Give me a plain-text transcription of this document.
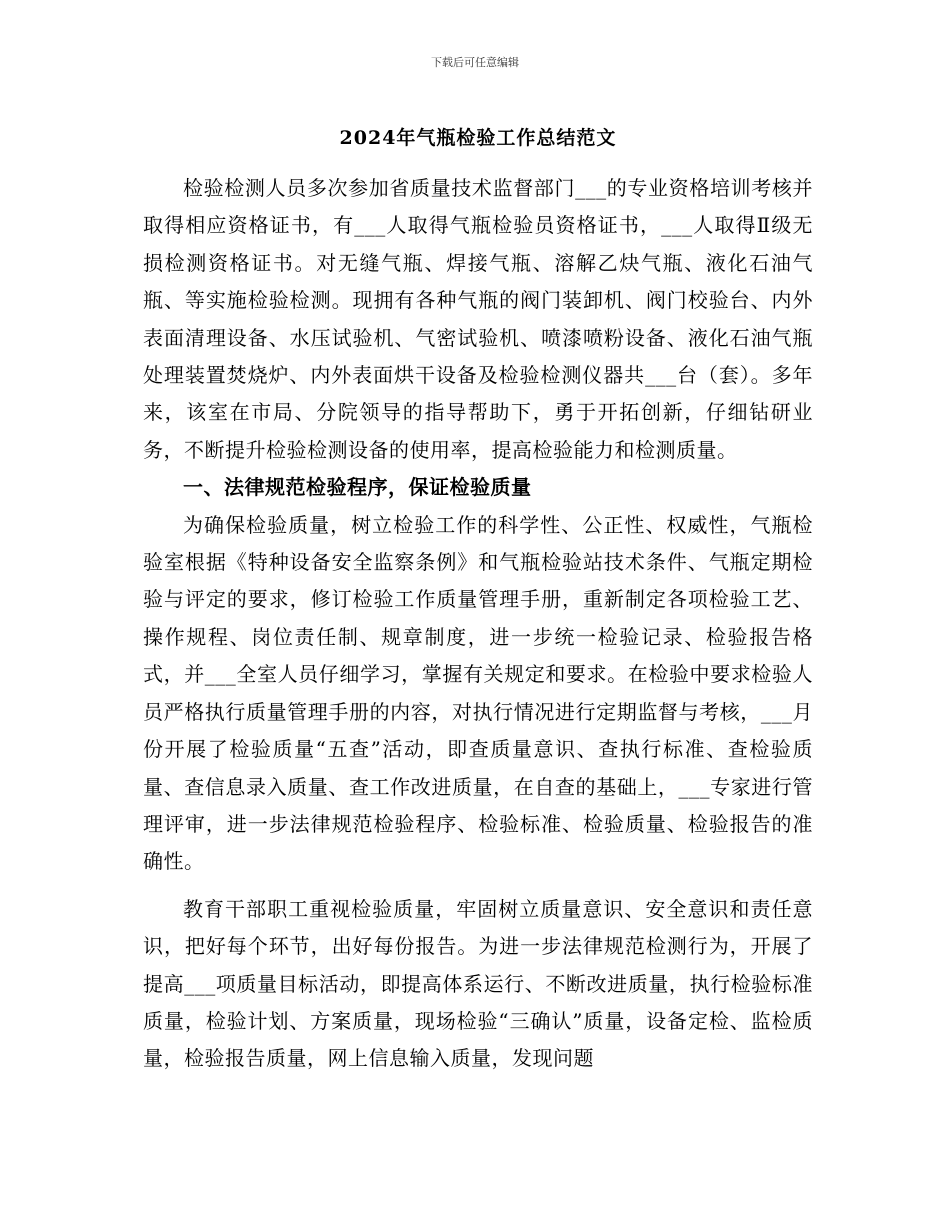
下载后可任意编辑
2024年气瓶检验工作总结范文

检验检测人员多次参加省质量技术监督部门___的专业资格培训考核并取得相应资格证书，有___人取得气瓶检验员资格证书，___人取得Ⅱ级无损检测资格证书。对无缝气瓶、焊接气瓶、溶解乙炔气瓶、液化石油气瓶、等实施检验检测。现拥有各种气瓶的阀门装卸机、阀门校验台、内外表面清理设备、水压试验机、气密试验机、喷漆喷粉设备、液化石油气瓶处理装置焚烧炉、内外表面烘干设备及检验检测仪器共___台（套）。多年来，该室在市局、分院领导的指导帮助下，勇于开拓创新，仔细钻研业务，不断提升检验检测设备的使用率，提高检验能力和检测质量。

一、法律规范检验程序，保证检验质量

为确保检验质量，树立检验工作的科学性、公正性、权威性，气瓶检验室根据《特种设备安全监察条例》和气瓶检验站技术条件、气瓶定期检验与评定的要求，修订检验工作质量管理手册，重新制定各项检验工艺、操作规程、岗位责任制、规章制度，进一步统一检验记录、检验报告格式，并___全室人员仔细学习，掌握有关规定和要求。在检验中要求检验人员严格执行质量管理手册的内容，对执行情况进行定期监督与考核，___月份开展了检验质量“五查”活动，即查质量意识、查执行标准、查检验质量、查信息录入质量、查工作改进质量，在自查的基础上，___专家进行管理评审，进一步法律规范检验程序、检验标准、检验质量、检验报告的准确性。

教育干部职工重视检验质量，牢固树立质量意识、安全意识和责任意识，把好每个环节，出好每份报告。为进一步法律规范检测行为，开展了提高___项质量目标活动，即提高体系运行、不断改进质量，执行检验标准质量，检验计划、方案质量，现场检验“三确认”质量，设备定检、监检质量，检验报告质量，网上信息输入质量，发现问题
